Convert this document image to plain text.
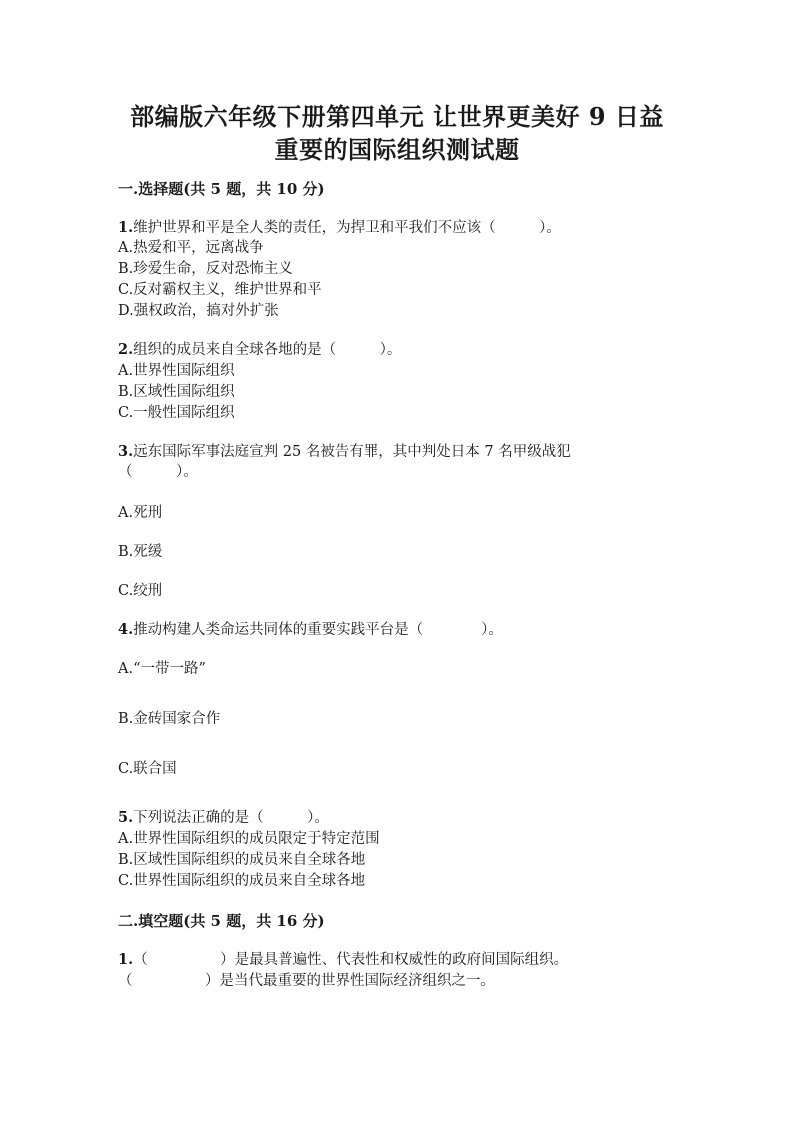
部编版六年级下册第四单元 让世界更美好 9 日益
重要的国际组织测试题
一.选择题(共 5 题，共 10 分)
1.维护世界和平是全人类的责任，为捍卫和平我们不应该（　　　）。
A.热爱和平，远离战争
B.珍爱生命，反对恐怖主义
C.反对霸权主义，维护世界和平
D.强权政治，搞对外扩张
2.组织的成员来自全球各地的是（　　　）。
A.世界性国际组织
B.区域性国际组织
C.一般性国际组织
3.远东国际军事法庭宣判 25 名被告有罪，其中判处日本 7 名甲级战犯
（　　　）。
A.死刑
B.死缓
C.绞刑
4.推动构建人类命运共同体的重要实践平台是（　　　　）。
A.“一带一路”
B.金砖国家合作
C.联合国
5.下列说法正确的是（　　　）。
A.世界性国际组织的成员限定于特定范围
B.区域性国际组织的成员来自全球各地
C.世界性国际组织的成员来自全球各地
二.填空题(共 5 题，共 16 分)
1.（　　　　　）是最具普遍性、代表性和权威性的政府间国际组织。
（　　　　　）是当代最重要的世界性国际经济组织之一。
